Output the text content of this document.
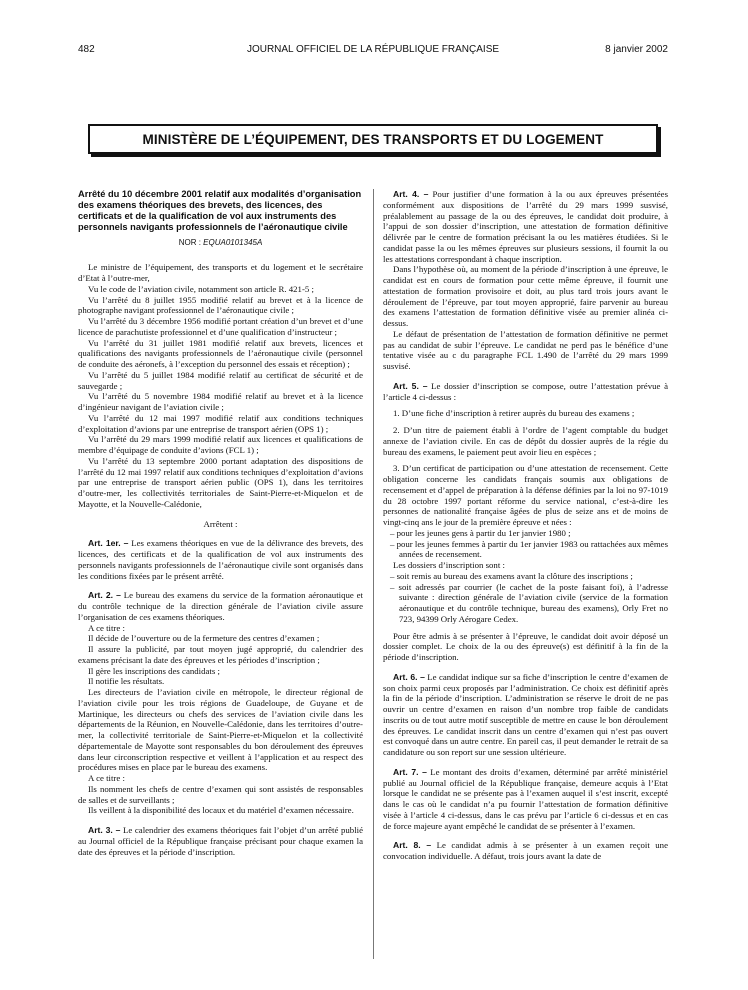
482	JOURNAL OFFICIEL DE LA RÉPUBLIQUE FRANÇAISE	8 janvier 2002
MINISTÈRE DE L’ÉQUIPEMENT, DES TRANSPORTS ET DU LOGEMENT
Arrêté du 10 décembre 2001 relatif aux modalités d’organisation des examens théoriques des brevets, des licences, des certificats et de la qualification de vol aux instruments des personnels navigants professionnels de l’aéronautique civile
NOR : EQUA0101345A

Le ministre de l’équipement, des transports et du logement et le secrétaire d’Etat à l’outre-mer,

Vu le code de l’aviation civile, notamment son article R. 421-5 ;

Vu l’arrêté du 8 juillet 1955 modifié relatif au brevet et à la licence de photographe navigant professionnel de l’aéronautique civile ;

Vu l’arrêté du 3 décembre 1956 modifié portant création d’un brevet et d’une licence de parachutiste professionnel et d’une qualification d’instructeur ;

Vu l’arrêté du 31 juillet 1981 modifié relatif aux brevets, licences et qualifications des navigants professionnels de l’aéronautique civile (personnel de conduite des aéronefs, à l’exception du personnel des essais et réception) ;

Vu l’arrêté du 5 juillet 1984 modifié relatif au certificat de sécurité et de sauvegarde ;

Vu l’arrêté du 5 novembre 1984 modifié relatif au brevet et à la licence d’ingénieur navigant de l’aviation civile ;

Vu l’arrêté du 12 mai 1997 modifié relatif aux conditions techniques d’exploitation d’avions par une entreprise de transport aérien (OPS 1) ;

Vu l’arrêté du 29 mars 1999 modifié relatif aux licences et qualifications de membre d’équipage de conduite d’avions (FCL 1) ;

Vu l’arrêté du 13 septembre 2000 portant adaptation des dispositions de l’arrêté du 12 mai 1997 relatif aux conditions techniques d’exploitation d’avions par une entreprise de transport aérien public (OPS 1), dans les territoires d’outre-mer, les collectivités territoriales de Saint-Pierre-et-Miquelon et de Mayotte, et la Nouvelle-Calédonie,

Arrêtent :

Art. 1er. – Les examens théoriques en vue de la délivrance des brevets, des licences, des certificats et de la qualification de vol aux instruments des personnels navigants professionnels de l’aéronautique civile sont organisés dans les conditions fixées par le présent arrêté.

Art. 2. – Le bureau des examens du service de la formation aéronautique et du contrôle technique de la direction générale de l’aviation civile assure l’organisation de ces examens théoriques.

A ce titre :

Il décide de l’ouverture ou de la fermeture des centres d’examen ;

Il assure la publicité, par tout moyen jugé approprié, du calendrier des examens précisant la date des épreuves et les périodes d’inscription ;

Il gère les inscriptions des candidats ;

Il notifie les résultats.

Les directeurs de l’aviation civile en métropole, le directeur régional de l’aviation civile pour les trois régions de Guadeloupe, de Guyane et de Martinique, les directeurs ou chefs des services de l’aviation civile dans les départements de la Réunion, en Nouvelle-Calédonie, dans les territoires d’outre-mer, la collectivité territoriale de Saint-Pierre-et-Miquelon et la collectivité départementale de Mayotte sont responsables du bon déroulement des épreuves dans leur circonscription respective et veillent à l’application et au respect des procédures mises en place par le bureau des examens.

A ce titre :

Ils nomment les chefs de centre d’examen qui sont assistés de responsables de salles et de surveillants ;

Ils veillent à la disponibilité des locaux et du matériel d’examen nécessaire.

Art. 3. – Le calendrier des examens théoriques fait l’objet d’un arrêté publié au Journal officiel de la République française précisant pour chaque examen la date des épreuves et la période d’inscription.

Art. 4. – Pour justifier d’une formation à la ou aux épreuves présentées conformément aux dispositions de l’arrêté du 29 mars 1999 susvisé, préalablement au passage de la ou des épreuves, le candidat doit produire, à l’appui de son dossier d’inscription, une attestation de formation définitive délivrée par le centre de formation précisant la ou les matières étudiées. Si le candidat passe la ou les mêmes épreuves sur plusieurs sessions, il fournit la ou les attestations correspondant à chaque inscription.

Dans l’hypothèse où, au moment de la période d’inscription à une épreuve, le candidat est en cours de formation pour cette même épreuve, il fournit une attestation de formation provisoire et doit, au plus tard trois jours avant le déroulement de l’épreuve, par tout moyen approprié, faire parvenir au bureau des examens l’attestation de formation définitive visée au premier alinéa ci-dessus.

Le défaut de présentation de l’attestation de formation définitive ne permet pas au candidat de subir l’épreuve. Le candidat ne perd pas le bénéfice d’une tentative visée au c du paragraphe FCL 1.490 de l’arrêté du 29 mars 1999 susvisé.

Art. 5. – Le dossier d’inscription se compose, outre l’attestation prévue à l’article 4 ci-dessus :

1. D’une fiche d’inscription à retirer auprès du bureau des examens ;

2. D’un titre de paiement établi à l’ordre de l’agent comptable du budget annexe de l’aviation civile. En cas de dépôt du dossier auprès de la régie du bureau des examens, le paiement peut avoir lieu en espèces ;

3. D’un certificat de participation ou d’une attestation de recensement. Cette obligation concerne les candidats français soumis aux obligations de recensement et d’appel de préparation à la défense définies par la loi no 97-1019 du 28 octobre 1997 portant réforme du service national, c’est-à-dire les personnes de nationalité française âgées de plus de seize ans et de moins de vingt-cinq ans le jour de la première épreuve et nées :

– pour les jeunes gens à partir du 1er janvier 1980 ;

– pour les jeunes femmes à partir du 1er janvier 1983 ou rattachées aux mêmes années de recensement.

Les dossiers d’inscription sont :

– soit remis au bureau des examens avant la clôture des inscriptions ;

– soit adressés par courrier (le cachet de la poste faisant foi), à l’adresse suivante : direction générale de l’aviation civile (service de la formation aéronautique et du contrôle technique, bureau des examens), Orly Fret no 723, 94399 Orly Aérogare Cedex.

Pour être admis à se présenter à l’épreuve, le candidat doit avoir déposé un dossier complet. Le choix de la ou des épreuve(s) est définitif à la fin de la période d’inscription.

Art. 6. – Le candidat indique sur sa fiche d’inscription le centre d’examen de son choix parmi ceux proposés par l’administration. Ce choix est définitif après la fin de la période d’inscription. L’administration se réserve le droit de ne pas ouvrir un centre d’examen en raison d’un nombre trop faible de candidats inscrits ou de tout autre motif susceptible de mettre en cause le bon déroulement des épreuves. Le candidat inscrit dans un centre d’examen qui n’est pas ouvert est convoqué dans un autre centre. En pareil cas, il peut demander le retrait de sa candidature ou son report sur une session ultérieure.

Art. 7. – Le montant des droits d’examen, déterminé par arrêté ministériel publié au Journal officiel de la République française, demeure acquis à l’Etat lorsque le candidat ne se présente pas à l’examen auquel il s’est inscrit, excepté dans le cas où le candidat n’a pu fournir l’attestation de formation définitive visée à l’article 4 ci-dessus, dans le cas prévu par l’article 6 ci-dessus et en cas de force majeure ayant empêché le candidat de se présenter à l’examen.

Art. 8. – Le candidat admis à se présenter à un examen reçoit une convocation individuelle. A défaut, trois jours avant la date de
